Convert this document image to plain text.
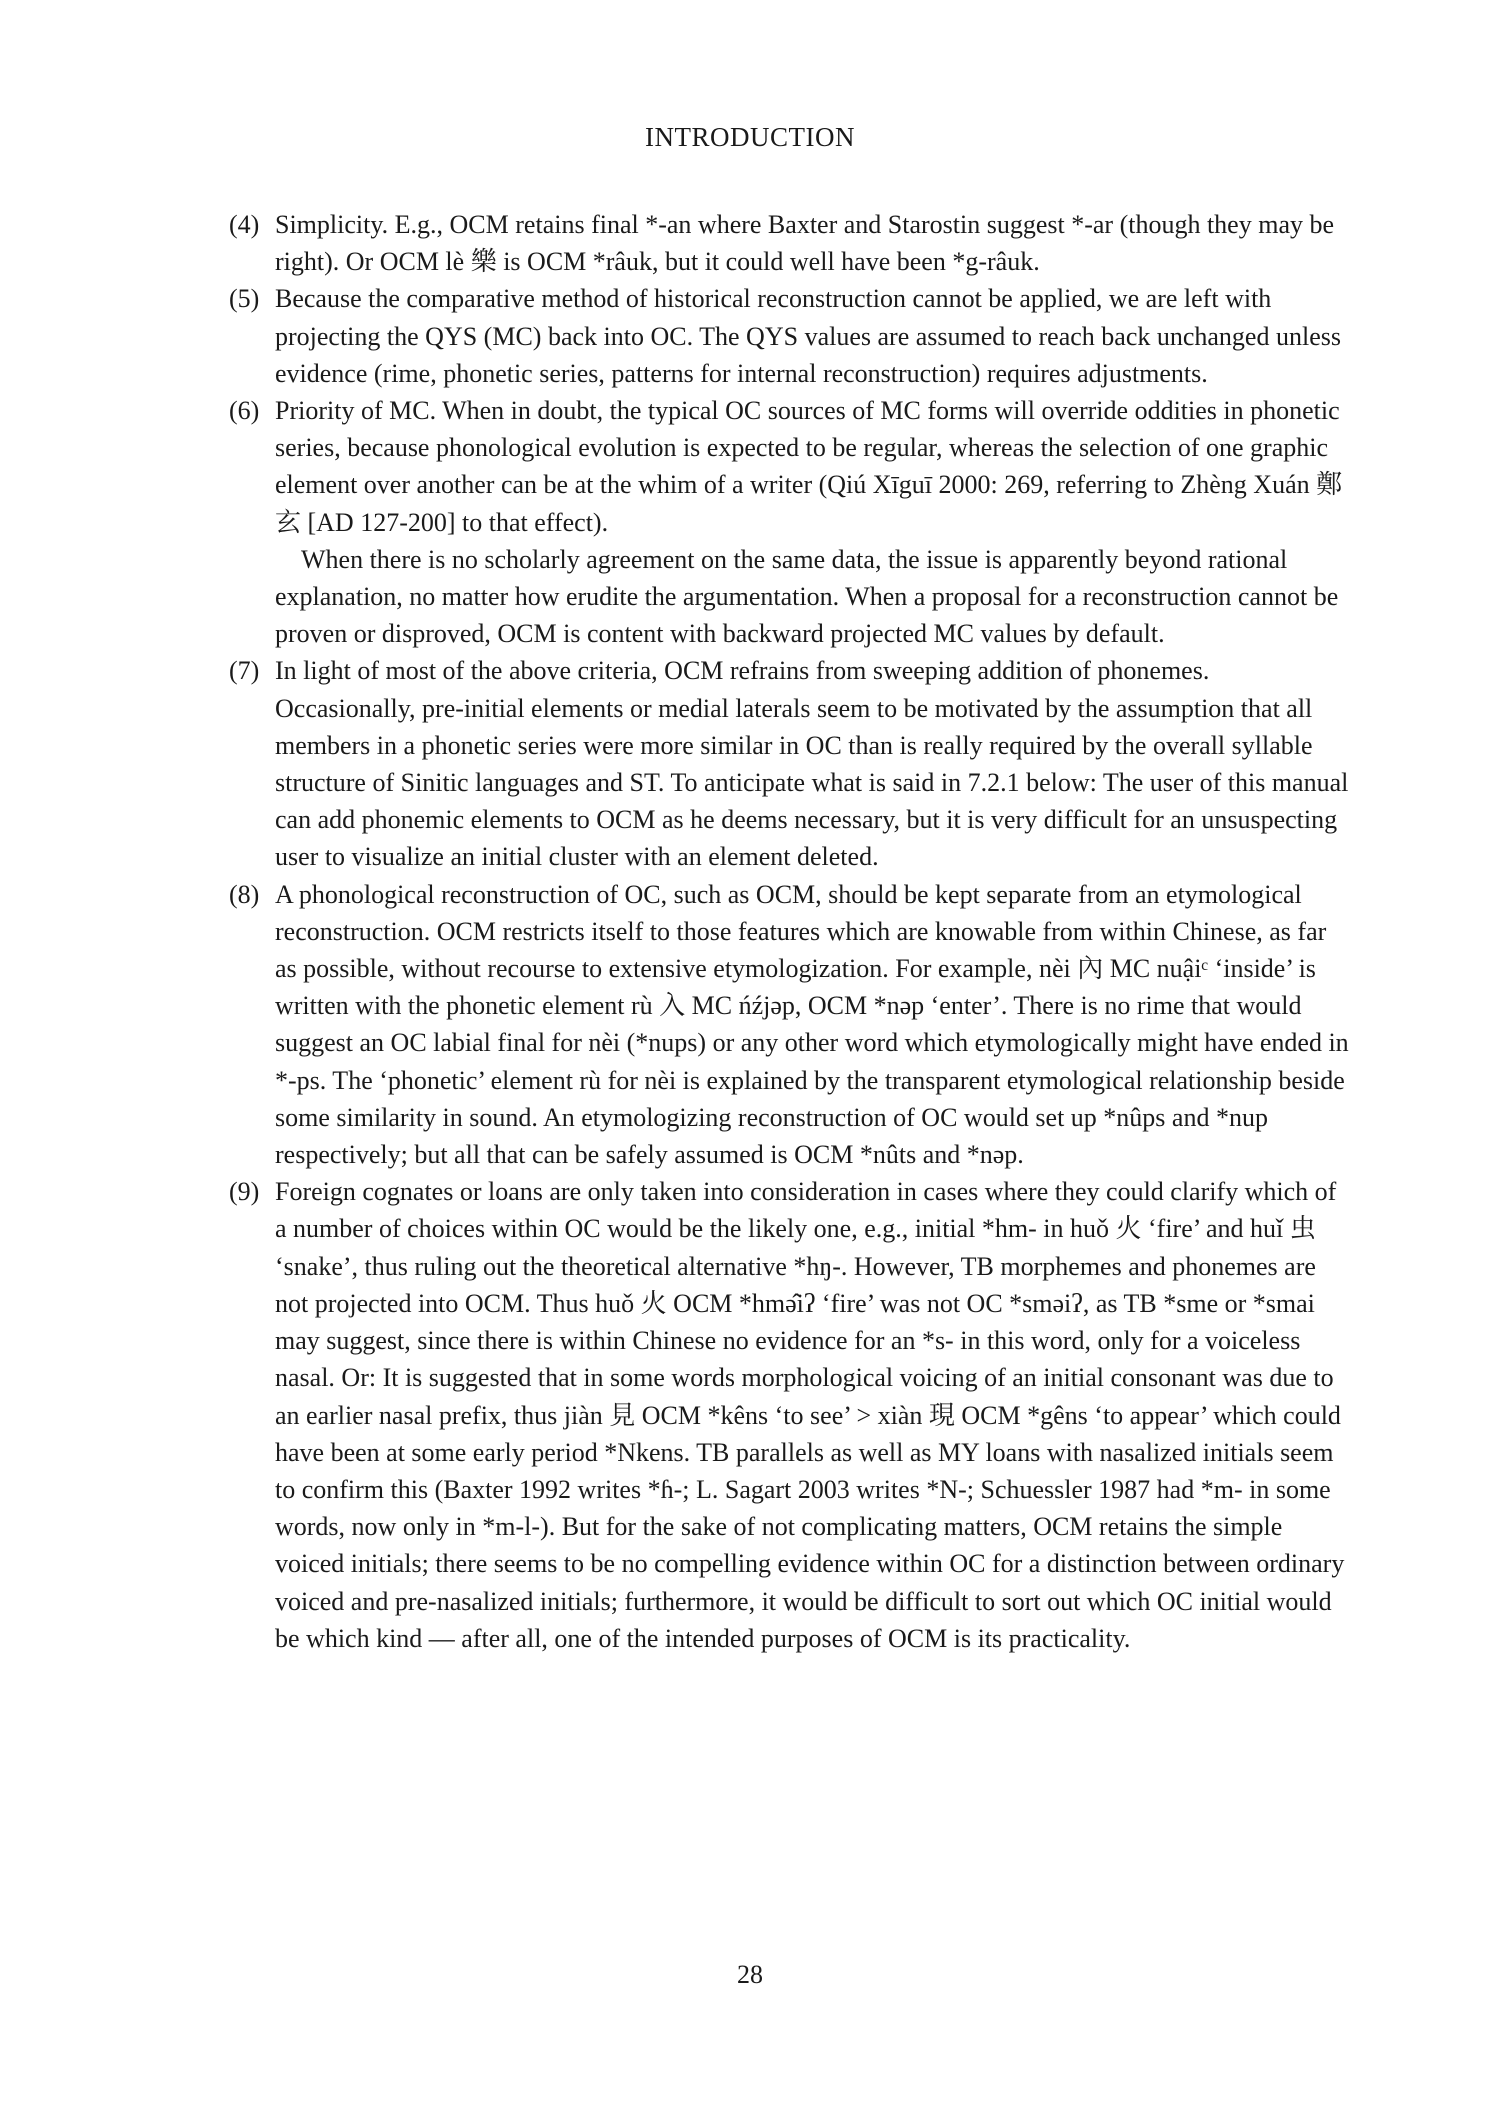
INTRODUCTION
(4) Simplicity. E.g., OCM retains final *-an where Baxter and Starostin suggest *-ar (though they may be right). Or OCM lè 樂 is OCM *râuk, but it could well have been *g-râuk.

(5) Because the comparative method of historical reconstruction cannot be applied, we are left with projecting the QYS (MC) back into OC. The QYS values are assumed to reach back unchanged unless evidence (rime, phonetic series, patterns for internal reconstruction) requires adjustments.

(6) Priority of MC. When in doubt, the typical OC sources of MC forms will override oddities in phonetic series, because phonological evolution is expected to be regular, whereas the selection of one graphic element over another can be at the whim of a writer (Qiú Xīguī 2000: 269, referring to Zhèng Xuán 鄭玄 [AD 127-200] to that effect).

When there is no scholarly agreement on the same data, the issue is apparently beyond rational explanation, no matter how erudite the argumentation. When a proposal for a reconstruction cannot be proven or disproved, OCM is content with backward projected MC values by default.

(7) In light of most of the above criteria, OCM refrains from sweeping addition of phonemes. Occasionally, pre-initial elements or medial laterals seem to be motivated by the assumption that all members in a phonetic series were more similar in OC than is really required by the overall syllable structure of Sinitic languages and ST. To anticipate what is said in 7.2.1 below: The user of this manual can add phonemic elements to OCM as he deems necessary, but it is very difficult for an unsuspecting user to visualize an initial cluster with an element deleted.

(8) A phonological reconstruction of OC, such as OCM, should be kept separate from an etymological reconstruction. OCM restricts itself to those features which are knowable from within Chinese, as far as possible, without recourse to extensive etymologization. For example, nèi 內 MC nuậiᶜ ‘inside’ is written with the phonetic element rù 入 MC ńźjəp, OCM *nəp ‘enter’. There is no rime that would suggest an OC labial final for nèi (*nups) or any other word which etymologically might have ended in *-ps. The ‘phonetic’ element rù for nèi is explained by the transparent etymological relationship beside some similarity in sound. An etymologizing reconstruction of OC would set up *nûps and *nup respectively; but all that can be safely assumed is OCM *nûts and *nəp.

(9) Foreign cognates or loans are only taken into consideration in cases where they could clarify which of a number of choices within OC would be the likely one, e.g., initial *hm- in huǒ 火 ‘fire’ and huǐ 虫 ‘snake’, thus ruling out the theoretical alternative *hŋ-. However, TB morphemes and phonemes are not projected into OCM. Thus huǒ 火 OCM *hmə̂iʔ ‘fire’ was not OC *sməiʔ, as TB *sme or *smai may suggest, since there is within Chinese no evidence for an *s- in this word, only for a voiceless nasal. Or: It is suggested that in some words morphological voicing of an initial consonant was due to an earlier nasal prefix, thus jiàn 見 OCM *kêns ‘to see’ > xiàn 現 OCM *gêns ‘to appear’ which could have been at some early period *Nkens. TB parallels as well as MY loans with nasalized initials seem to confirm this (Baxter 1992 writes *ɦ-; L. Sagart 2003 writes *N-; Schuessler 1987 had *m- in some words, now only in *m-l-). But for the sake of not complicating matters, OCM retains the simple voiced initials; there seems to be no compelling evidence within OC for a distinction between ordinary voiced and pre-nasalized initials; furthermore, it would be difficult to sort out which OC initial would be which kind — after all, one of the intended purposes of OCM is its practicality.

28
